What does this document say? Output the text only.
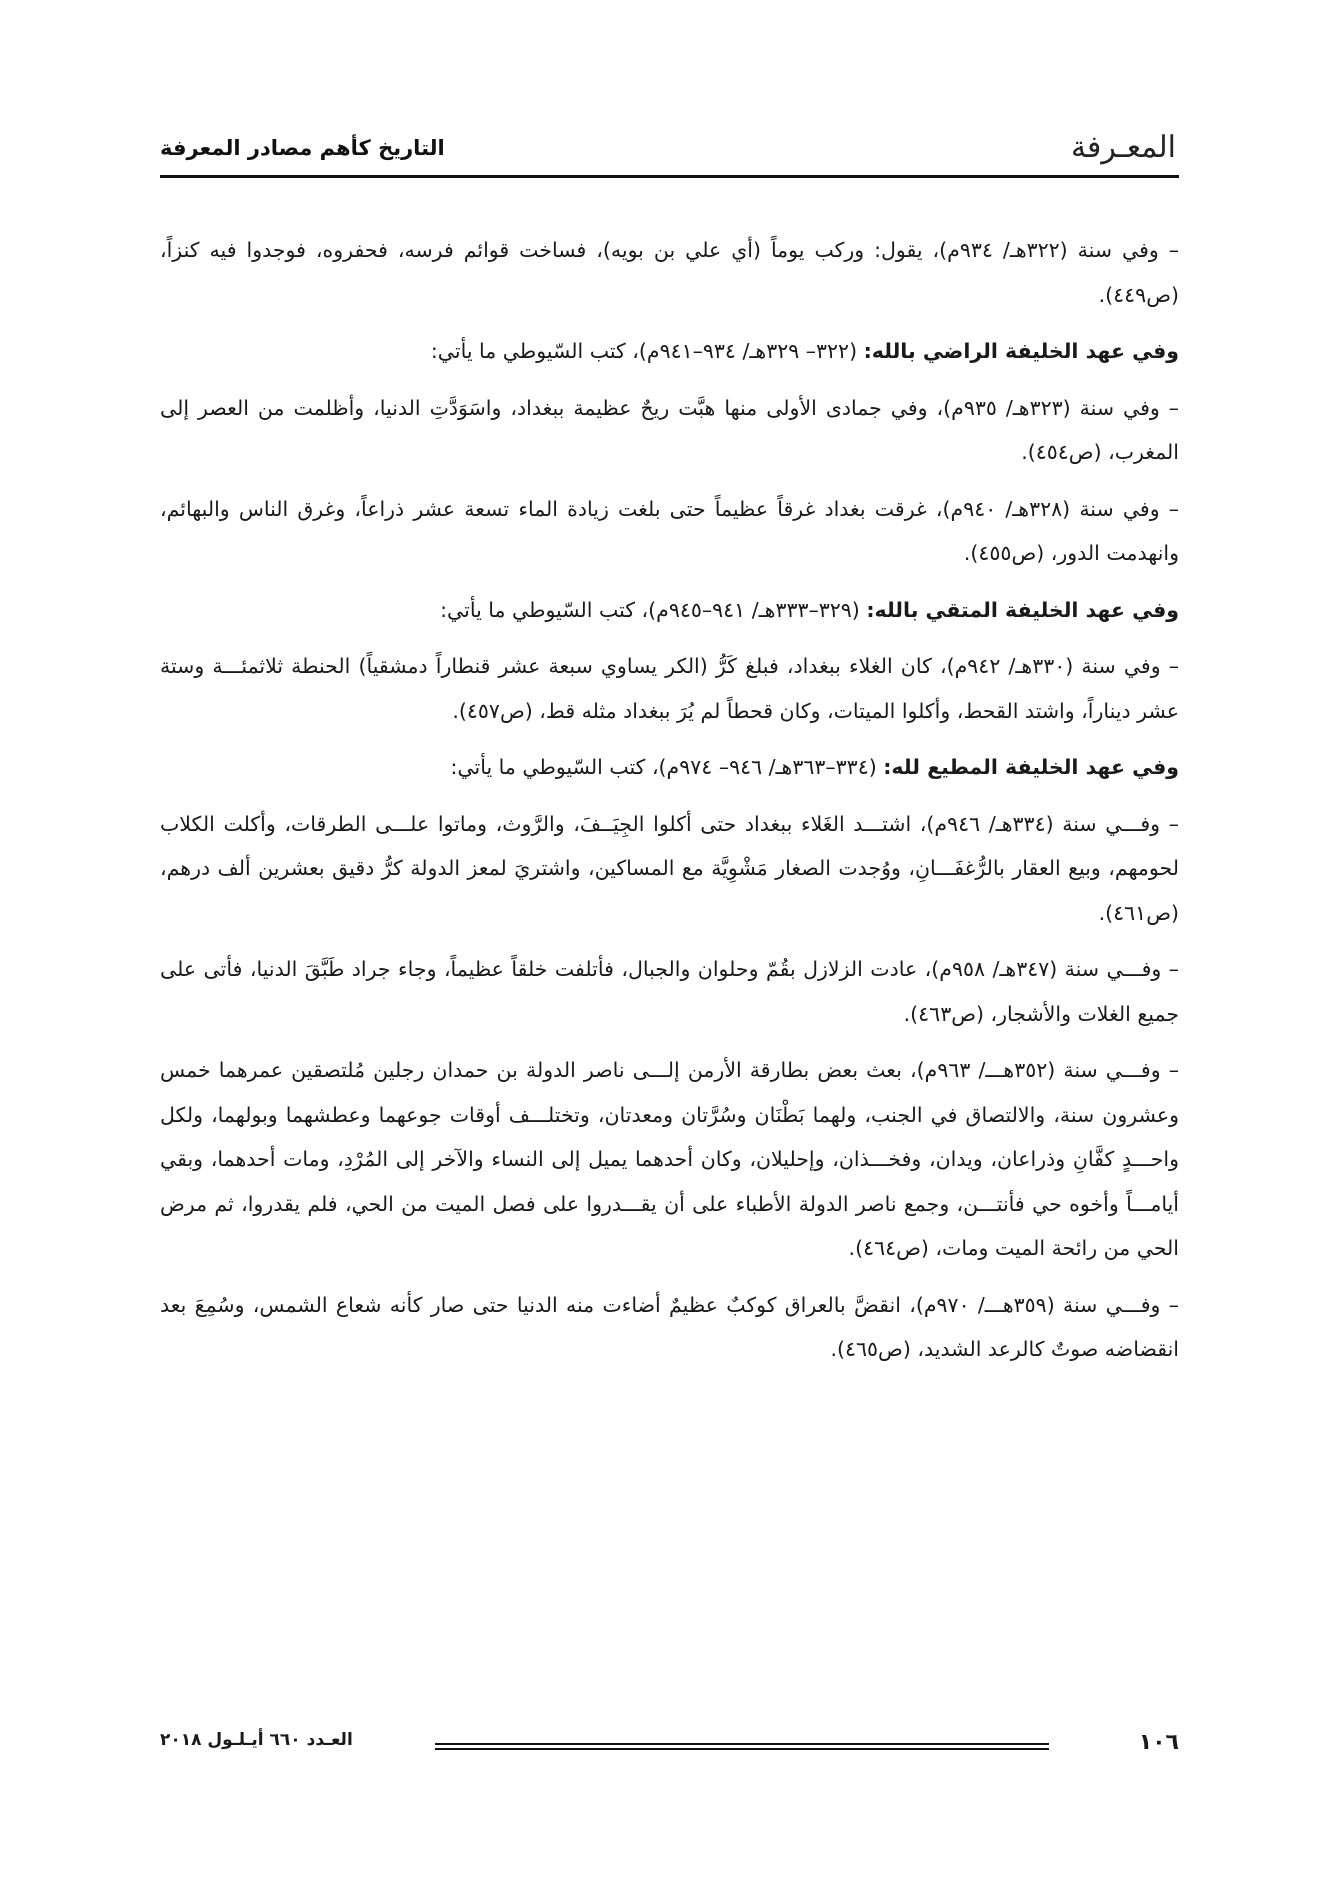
المعـرفة
التاريخ كأهم مصادر المعرفة

– وفي سنة (٣٢٢هـ/ ٩٣٤م)، يقول: وركب يوماً (أي علي بن بويه)، فساخت قوائم فرسه، فحفروه، فوجدوا فيه كنزاً، (ص٤٤٩).

وفي عهد الخليفة الراضي بالله: (٣٢٢– ٣٢٩هـ/ ٩٣٤–٩٤١م)، كتب السّيوطي ما يأتي:

– وفي سنة (٣٢٣هـ/ ٩٣٥م)، وفي جمادى الأولى منها هبَّت ريحٌ عظيمة ببغداد، واسَوَدَّتِ الدنيا، وأظلمت من العصر إلى المغرب، (ص٤٥٤).

– وفي سنة (٣٢٨هـ/ ٩٤٠م)، غرقت بغداد غرقاً عظيماً حتى بلغت زيادة الماء تسعة عشر ذراعاً، وغرق الناس والبهائم، وانهدمت الدور، (ص٤٥٥).

وفي عهد الخليفة المتقي بالله: (٣٢٩–٣٣٣هـ/ ٩٤١–٩٤٥م)، كتب السّيوطي ما يأتي:

– وفي سنة (٣٣٠هـ/ ٩٤٢م)، كان الغلاء ببغداد، فبلغ كَرُّ (الكر يساوي سبعة عشر قنطاراً دمشقياً) الحنطة ثلاثمئـــة وستة عشر ديناراً، واشتد القحط، وأكلوا الميتات، وكان قحطاً لم يُرَ ببغداد مثله قط، (ص٤٥٧).

وفي عهد الخليفة المطيع لله: (٣٣٤–٣٦٣هـ/ ٩٤٦– ٩٧٤م)، كتب السّيوطي ما يأتي:

– وفـــي سنة (٣٣٤هـ/ ٩٤٦م)، اشتـــد الغَلاء ببغداد حتى أكلوا الجِيَــفَ، والرَّوث، وماتوا علـــى الطرقات، وأكلت الكلاب لحومهم، وبيع العقار بالرُّغفَـــانِ، ووُجدت الصغار مَشْوِيَّة مع المساكين، واشتريَ لمعز الدولة كرُّ دقيق بعشرين ألف درهم، (ص٤٦١).

– وفـــي سنة (٣٤٧هـ/ ٩٥٨م)، عادت الزلازل بقُمّ وحلوان والجبال، فأتلفت خلقاً عظيماً، وجاء جراد طَبَّقَ الدنيا، فأتى على جميع الغلات والأشجار، (ص٤٦٣).

– وفـــي سنة (٣٥٢هـــ/ ٩٦٣م)، بعث بعض بطارقة الأرمن إلـــى ناصر الدولة بن حمدان رجلين مُلتصقين عمرهما خمس وعشرون سنة، والالتصاق في الجنب، ولهما بَطْنَان وسُرَّتان ومعدتان، وتختلـــف أوقات جوعهما وعطشهما وبولهما، ولكل واحـــدٍ كفَّانِ وذراعان، ويدان، وفخـــذان، وإحليلان، وكان أحدهما يميل إلى النساء والآخر إلى المُرْدِ، ومات أحدهما، وبقي أيامـــاً وأخوه حي فأنتـــن، وجمع ناصر الدولة الأطباء على أن يقـــدروا على فصل الميت من الحي، فلم يقدروا، ثم مرض الحي من رائحة الميت ومات، (ص٤٦٤).

– وفـــي سنة (٣٥٩هـــ/ ٩٧٠م)، انقضَّ بالعراق كوكبٌ عظيمٌ أضاءت منه الدنيا حتى صار كأنه شعاع الشمس، وسُمِعَ بعد انقضاضه صوتٌ كالرعد الشديد، (ص٤٦٥).

١٠٦
العـدد ٦٦٠ أيـلـول ٢٠١٨
